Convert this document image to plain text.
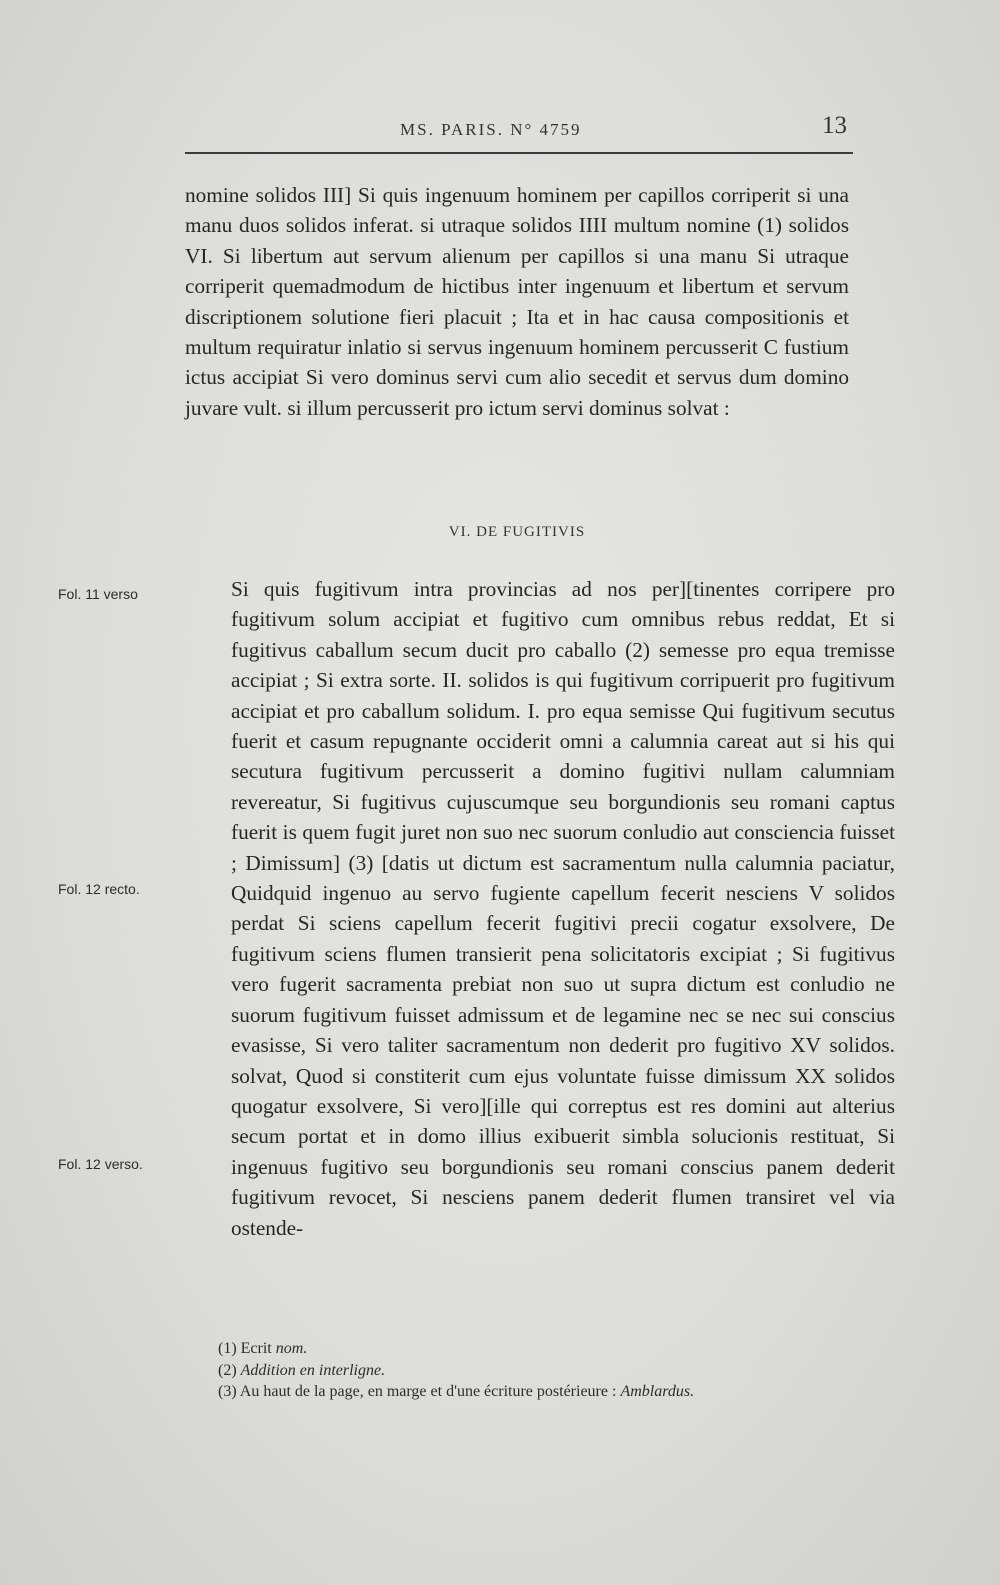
MS. PARIS. N° 4759	13

nomine solidos III] Si quis ingenuum hominem per capillos corriperit si una manu duos solidos inferat. si utraque solidos IIII multum nomine (1) solidos VI. Si libertum aut servum alienum per capillos si una manu Si utraque corriperit quemadmodum de hictibus inter ingenuum et libertum et servum discriptionem solutione fieri placuit ; Ita et in hac causa compositionis et multum requiratur inlatio si servus ingenuum hominem percusserit C fustium ictus accipiat Si vero dominus servi cum alio secedit et servus dum domino juvare vult. si illum percusserit pro ictum servi dominus solvat :

VI. DE FUGITIVIS

Si quis fugitivum intra provincias ad nos per][tinentes corripere pro fugitivum solum accipiat et fugitivo cum omnibus rebus reddat, Et si fugitivus caballum secum ducit pro caballo (2) semesse pro equa tremisse accipiat ; Si extra sorte. II. solidos is qui fugitivum corripuerit pro fugitivum accipiat et pro caballum solidum. I. pro equa semisse Qui fugitivum secutus fuerit et casum repugnante occiderit omni a calumnia careat aut si his qui secutura fugitivum percusserit a domino fugitivi nullam calumniam revereatur, Si fugitivus cujuscumque seu borgundionis seu romani captus fuerit is quem fugit juret non suo nec suorum conludio aut consciencia fuisset ; Dimissum] (3) [datis ut dictum est sacramentum nulla calumnia paciatur, Quidquid ingenuo au servo fugiente capellum fecerit nesciens V solidos perdat Si sciens capellum fecerit fugitivi precii cogatur exsolvere, De fugitivum sciens flumen transierit pena solicitatoris excipiat ; Si fugitivus vero fugerit sacramenta prebiat non suo ut supra dictum est conludio ne suorum fugitivum fuisset admissum et de legamine nec se nec sui conscius evasisse, Si vero taliter sacramentum non dederit pro fugitivo XV solidos. solvat, Quod si constiterit cum ejus voluntate fuisse dimissum XX solidos quogatur exsolvere, Si vero][ille qui correptus est res domini aut alterius secum portat et in domo illius exibuerit simbla solucionis restituat, Si ingenuus fugitivo seu borgundionis seu romani conscius panem dederit fugitivum revocet, Si nesciens panem dederit flumen transiret vel via ostende-

Fol. 11 verso
Fol. 12 recto.
Fol. 12 verso.
(1) Ecrit nom.
(2) Addition en interligne.
(3) Au haut de la page, en marge et d'une écriture postérieure : Amblardus.
